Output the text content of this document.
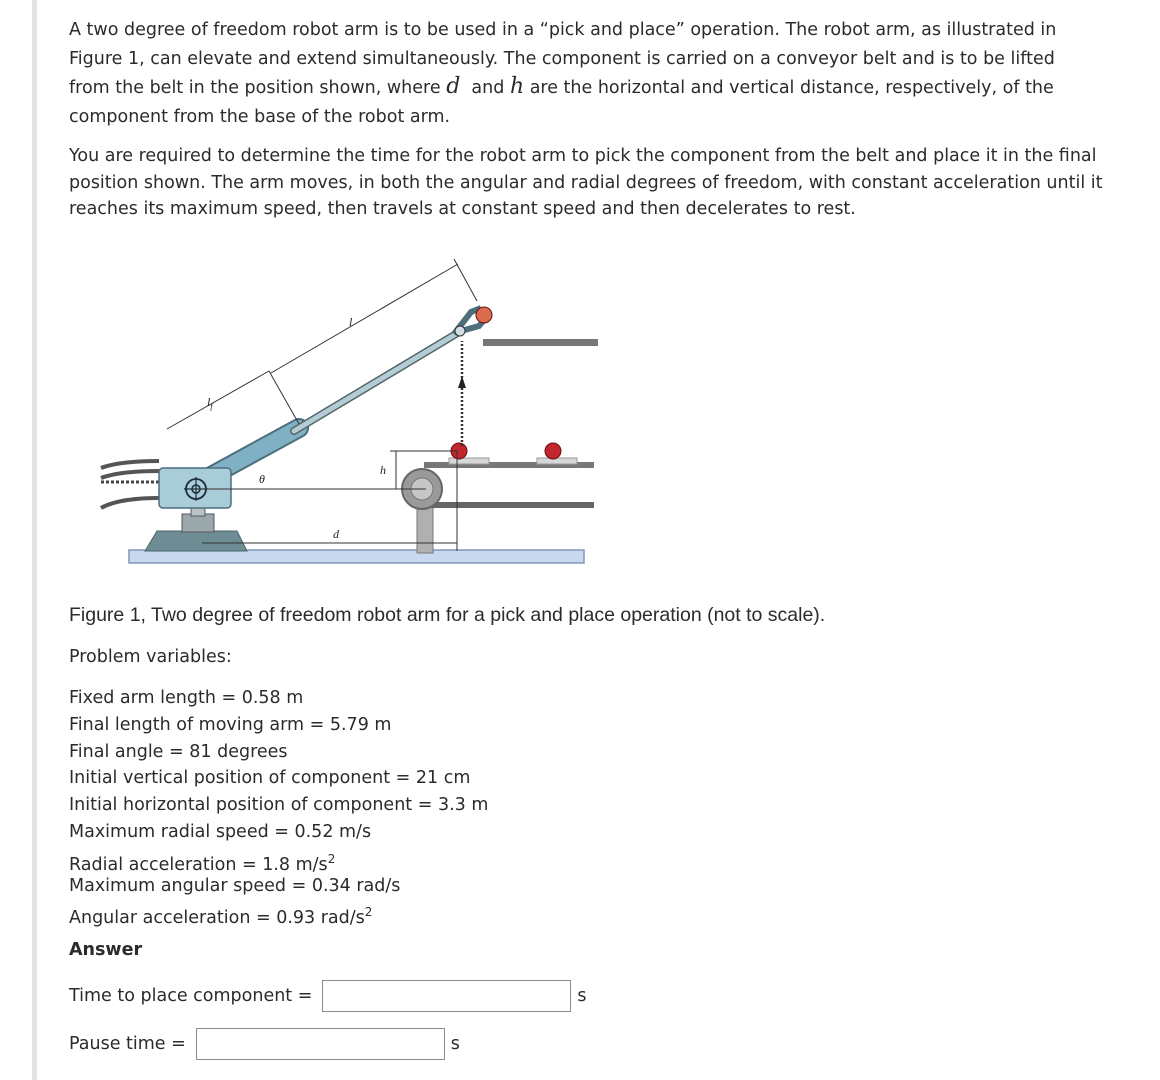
A two degree of freedom robot arm is to be used in a “pick and place” operation. The robot arm, as illustrated in Figure 1, can elevate and extend simultaneously. The component is carried on a conveyor belt and is to be lifted from the belt in the position shown, where d and h are the horizontal and vertical distance, respectively, of the component from the base of the robot arm.

You are required to determine the time for the robot arm to pick the component from the belt and place it in the final position shown. The arm moves, in both the angular and radial degrees of freedom, with constant acceleration until it reaches its maximum speed, then travels at constant speed and then decelerates to rest.

$l_f$
l
θ
h
d
Figure 1, Two degree of freedom robot arm for a pick and place operation (not to scale).
Problem variables:
Fixed arm length = 0.58 m
Final length of moving arm = 5.79 m
Final angle = 81 degrees
Initial vertical position of component = 21 cm
Initial horizontal position of component = 3.3 m
Maximum radial speed = 0.52 m/s
Radial acceleration = 1.8 $m/s^2$
Maximum angular speed = 0.34 rad/s
Angular acceleration = 0.93 rad/$s^2$
Answer
Time to place component =	s
Pause time =	s
